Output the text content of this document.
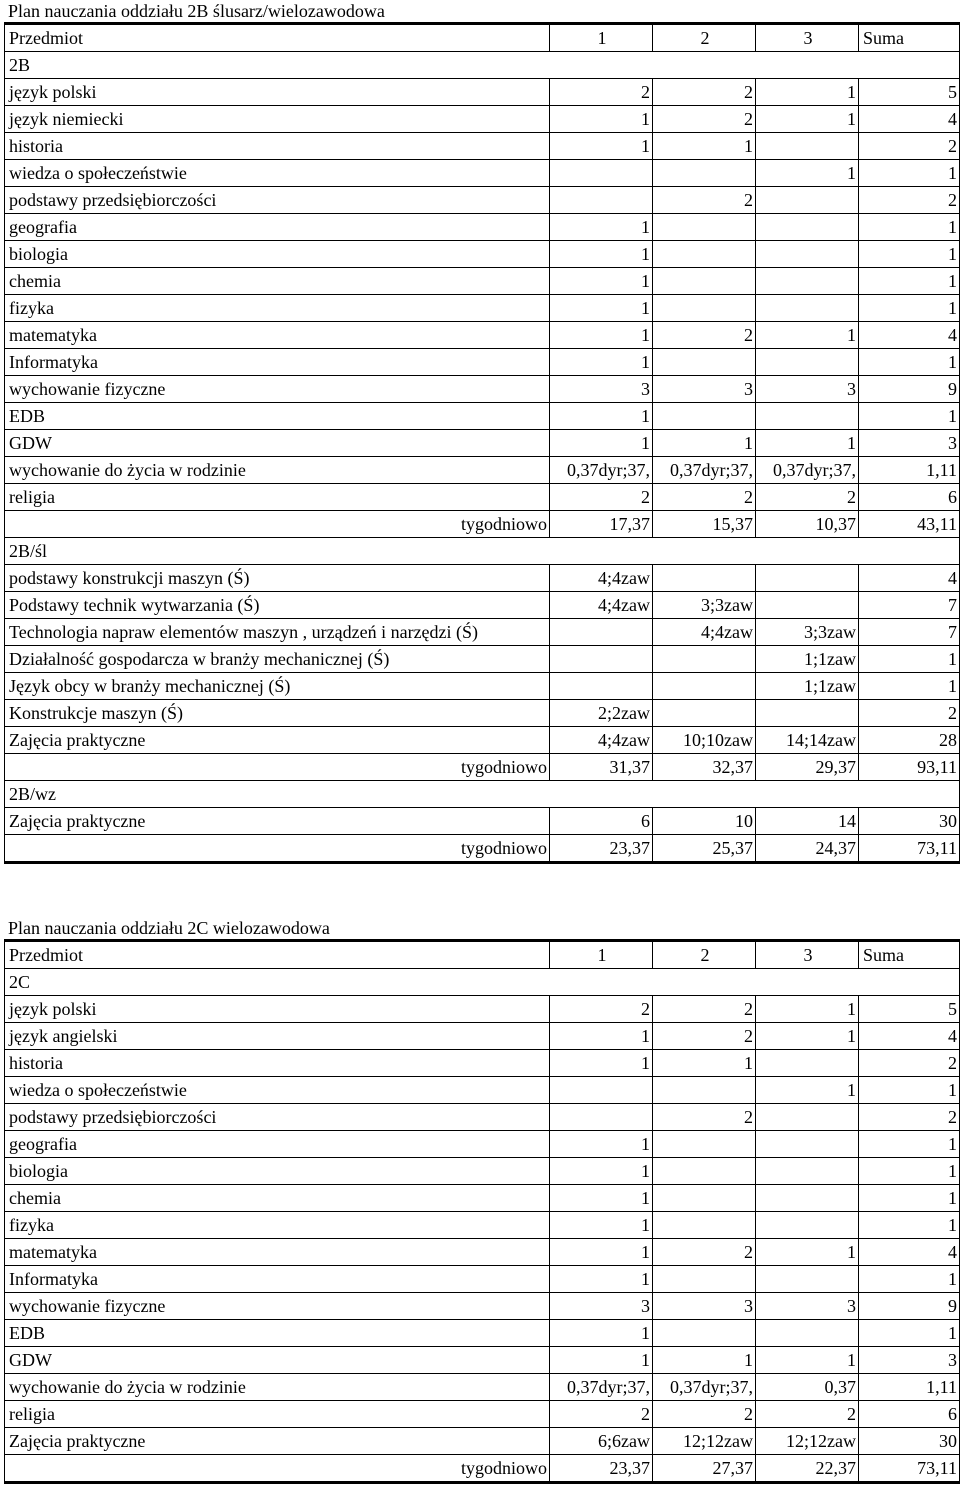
Plan nauczania oddziału 2B ślusarz/wielozawodowa
Przedmiot	1	2	3	Suma
2B				
język polski	2	2	1	5
język niemiecki	1	2	1	4
historia	1	1		2
wiedza o społeczeństwie			1	1
podstawy przedsiębiorczości		2		2
geografia	1			1
biologia	1			1
chemia	1			1
fizyka	1			1
matematyka	1	2	1	4
Informatyka	1			1
wychowanie fizyczne	3	3	3	9
EDB	1			1
GDW	1	1	1	3
wychowanie do życia w rodzinie	,37;0,37dyr	,37;0,37dyr	,37;0,37dyr	1,11
religia	2	2	2	6
tygodniowo	17,37	15,37	10,37	43,11
2B/śl				
podstawy konstrukcji maszyn (Ś)	4;4zaw			4
Podstawy technik wytwarzania (Ś)	4;4zaw	3;3zaw		7
Technologia napraw elementów maszyn , urządzeń i narzędzi (Ś)		4;4zaw	3;3zaw	7
Działalność gospodarcza w branży mechanicznej (Ś)			1;1zaw	1
Język obcy w branży mechanicznej (Ś)			1;1zaw	1
Konstrukcje maszyn (Ś)	2;2zaw			2
Zajęcia praktyczne	4;4zaw	10;10zaw	14;14zaw	28
tygodniowo	31,37	32,37	29,37	93,11
2B/wz				
Zajęcia praktyczne	6	10	14	30
tygodniowo	23,37	25,37	24,37	73,11
Plan nauczania oddziału 2C wielozawodowa
Przedmiot	1	2	3	Suma
2C				
język polski	2	2	1	5
język angielski	1	2	1	4
historia	1	1		2
wiedza o społeczeństwie			1	1
podstawy przedsiębiorczości		2		2
geografia	1			1
biologia	1			1
chemia	1			1
fizyka	1			1
matematyka	1	2	1	4
Informatyka	1			1
wychowanie fizyczne	3	3	3	9
EDB	1			1
GDW	1	1	1	3
wychowanie do życia w rodzinie	,37;0,37dyr	,37;0,37dyr	0,37	1,11
religia	2	2	2	6
Zajęcia praktyczne	6;6zaw	12;12zaw	12;12zaw	30
tygodniowo	23,37	27,37	22,37	73,11
